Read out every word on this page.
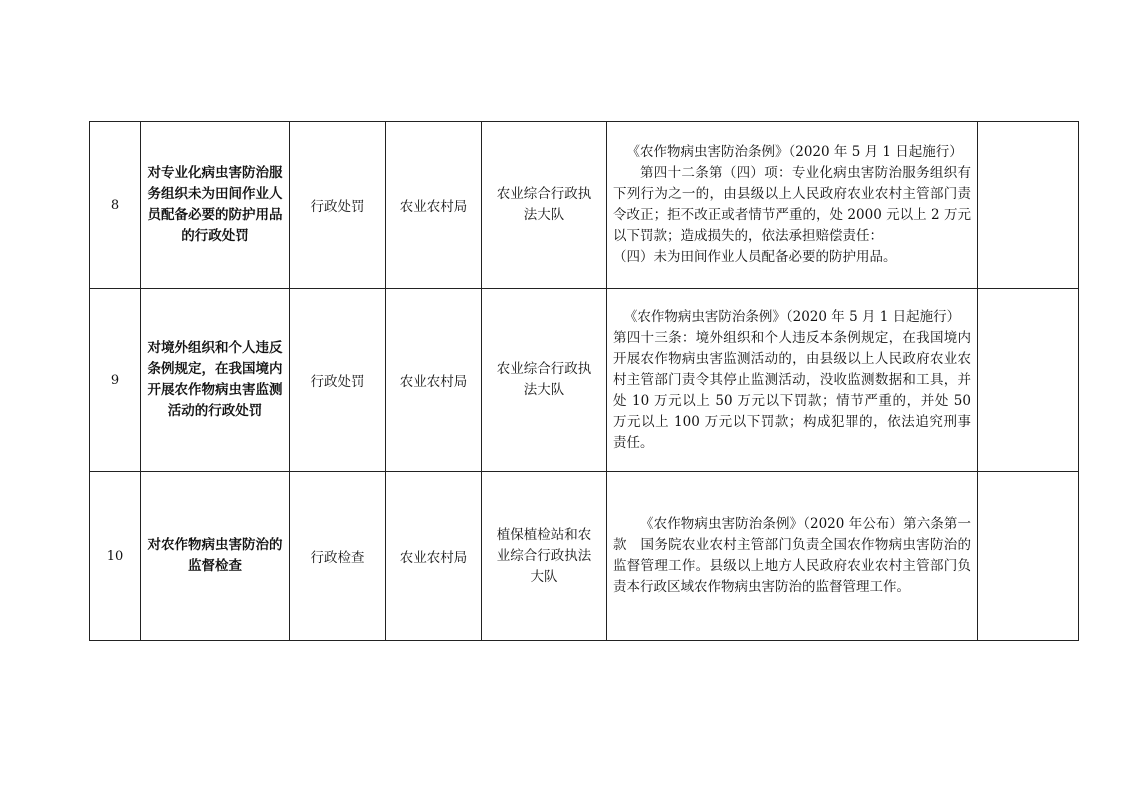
8	对专业化病虫害防治服务组织未为田间作业人员配备必要的防护用品的行政处罚	行政处罚	农业农村局	农业综合行政执法大队	《农作物病虫害防治条例》（2020 年 5 月 1 日起施行）

第四十二条第（四）项：专业化病虫害防治服务组织有下列行为之一的，由县级以上人民政府农业农村主管部门责令改正；拒不改正或者情节严重的，处 2000 元以上 2 万元以下罚款；造成损失的，依法承担赔偿责任：

（四）未为田间作业人员配备必要的防护用品。	

9	对境外组织和个人违反条例规定，在我国境内开展农作物病虫害监测活动的行政处罚	行政处罚	农业农村局	农业综合行政执法大队	《农作物病虫害防治条例》（2020 年 5 月 1 日起施行）

第四十三条：境外组织和个人违反本条例规定，在我国境内开展农作物病虫害监测活动的，由县级以上人民政府农业农村主管部门责令其停止监测活动，没收监测数据和工具，并处 10 万元以上 50 万元以下罚款；情节严重的，并处 50 万元以上 100 万元以下罚款；构成犯罪的，依法追究刑事责任。	

10	对农作物病虫害防治的监督检查	行政检查	农业农村局	植保植检站和农业综合行政执法大队	《农作物病虫害防治条例》（2020 年公布）第六条第一款　国务院农业农村主管部门负责全国农作物病虫害防治的监督管理工作。县级以上地方人民政府农业农村主管部门负责本行政区域农作物病虫害防治的监督管理工作。	
